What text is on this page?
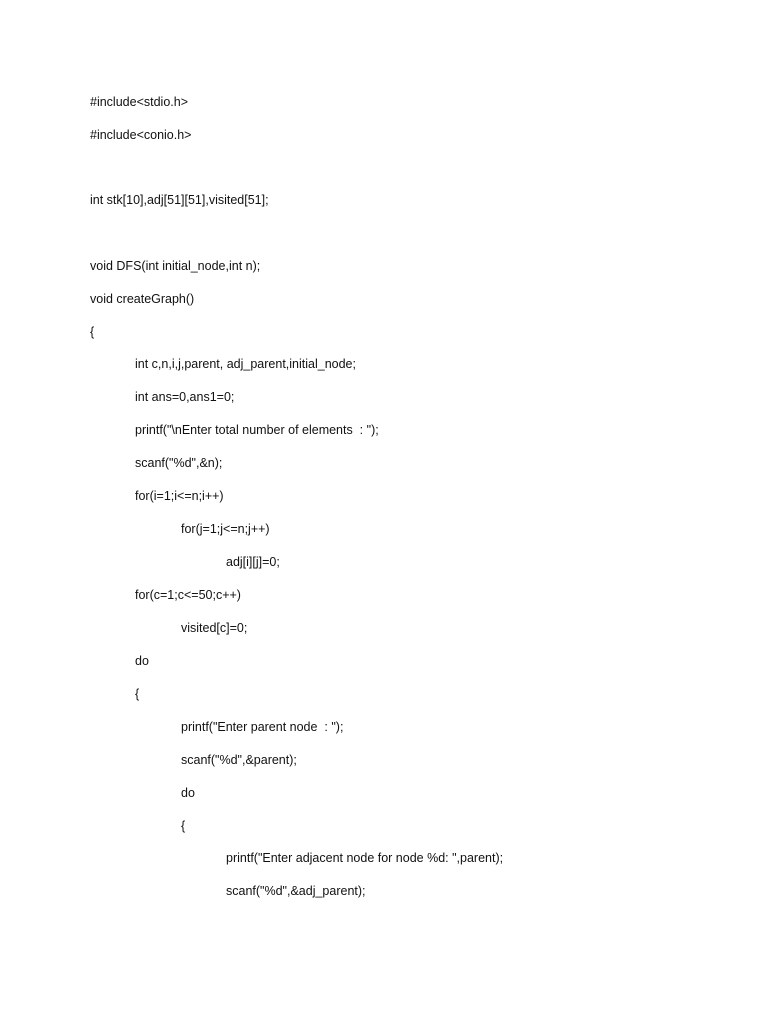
#include<stdio.h>
#include<conio.h>
int stk[10],adj[51][51],visited[51];
void DFS(int initial_node,int n);
void createGraph()
{
int c,n,i,j,parent, adj_parent,initial_node;
int ans=0,ans1=0;
printf("\nEnter total number of elements  : ");
scanf("%d",&n);
for(i=1;i<=n;i++)
for(j=1;j<=n;j++)
adj[i][j]=0;
for(c=1;c<=50;c++)
visited[c]=0;
do
{
printf("Enter parent node  : ");
scanf("%d",&parent);
do
{
printf("Enter adjacent node for node %d: ",parent);
scanf("%d",&adj_parent);
